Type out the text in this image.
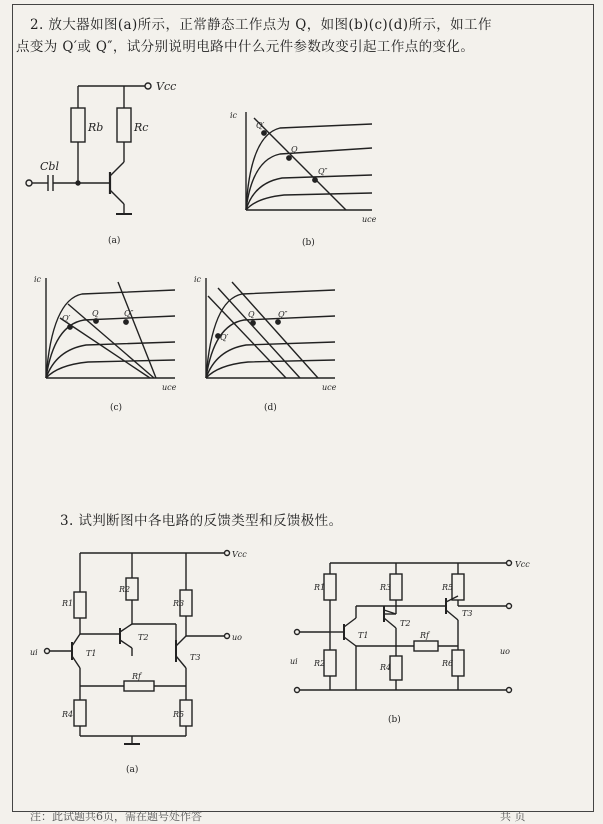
2. 放大器如图(a)所示，正常静态工作点为 Q，如图(b)(c)(d)所示，如工作
点变为 Q′或 Q″，试分别说明电路中什么元件参数改变引起工作点的变化。
3. 试判断图中各电路的反馈类型和反馈极性。
Vcc
Rb	Rc
Cbl
ic
uce
Q′
Q
Q″
ic
uce
Q′
Q	Q″
ic
uce
Q′
Q	Q″
Vcc
uo
ui	T1
T2
T3
R1
R2
R3
R4	R5
Rf
Vcc
uo
ui
T1
T2
T3
R1
R2
R3
R4
R5
R6
Rf
(a)	(b)
(c)	(d)
(a)
(b)
注：此试题共6页，需在题号处作答	共 页
